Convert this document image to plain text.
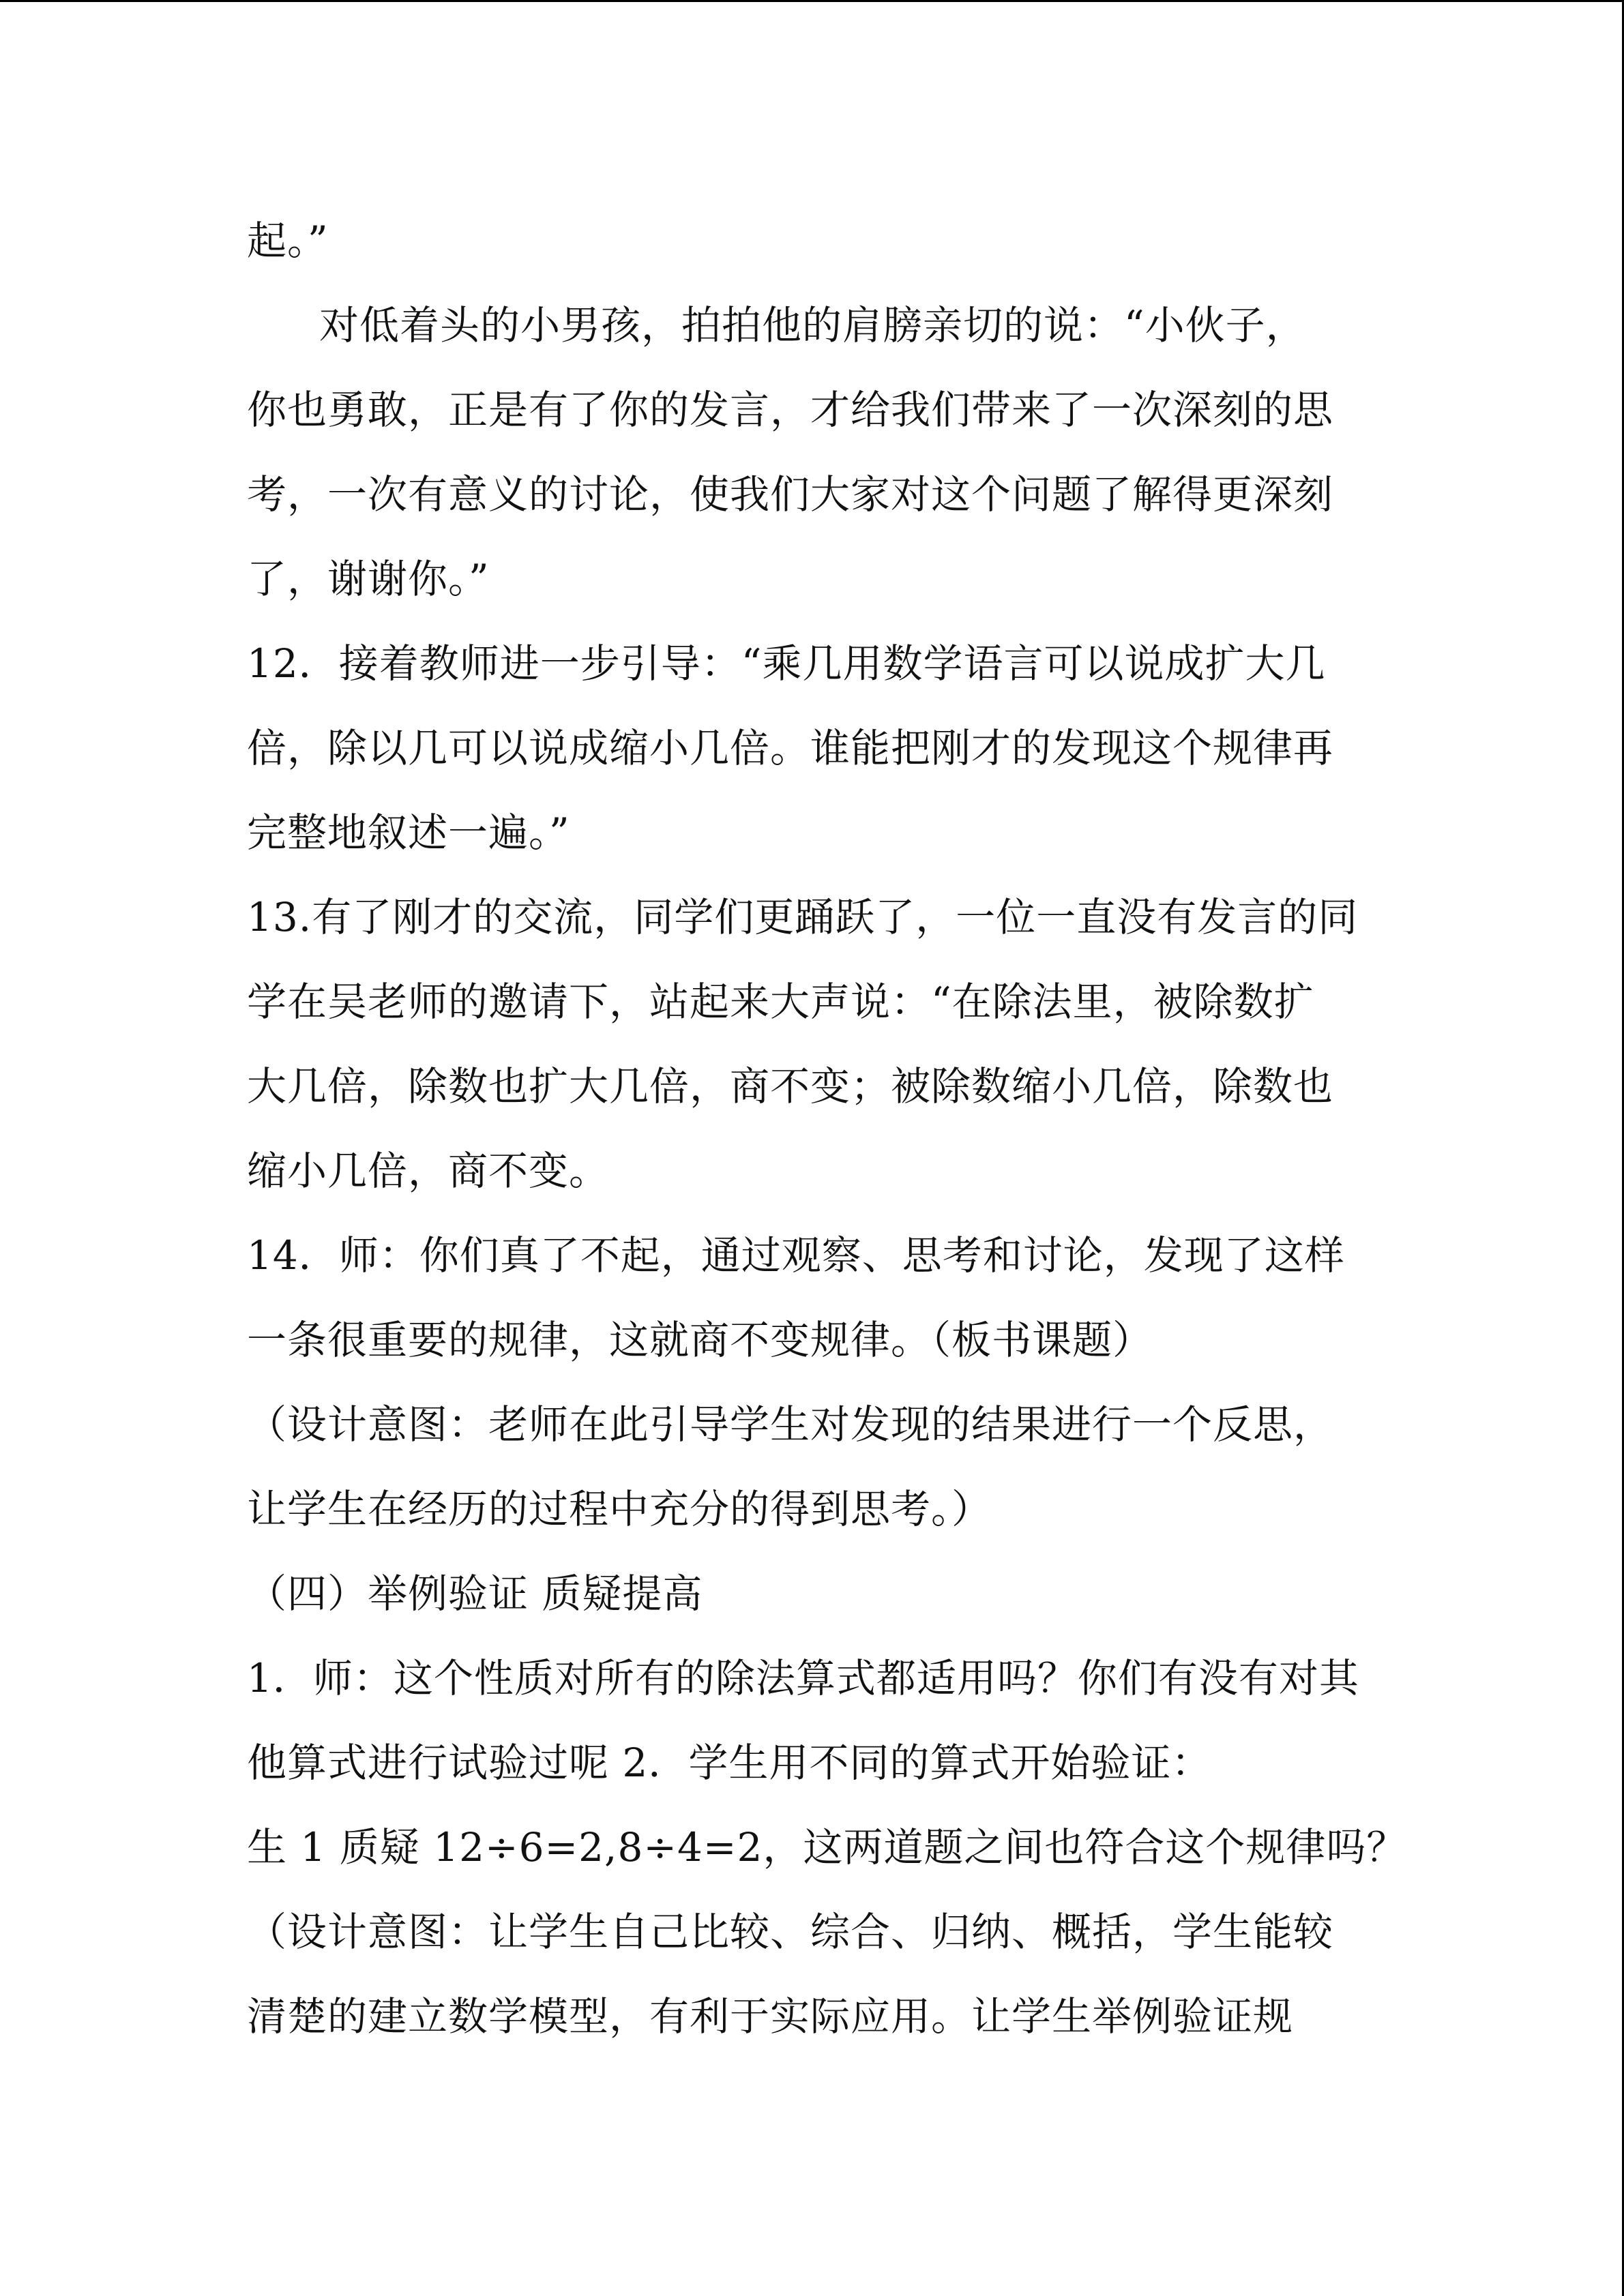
起。”
对低着头的小男孩，拍拍他的肩膀亲切的说：“小伙子，
你也勇敢，正是有了你的发言，才给我们带来了一次深刻的思
考，一次有意义的讨论，使我们大家对这个问题了解得更深刻
了，谢谢你。”
12．接着教师进一步引导：“乘几用数学语言可以说成扩大几
倍，除以几可以说成缩小几倍。谁能把刚才的发现这个规律再
完整地叙述一遍。”
13.有了刚才的交流，同学们更踊跃了，一位一直没有发言的同
学在吴老师的邀请下，站起来大声说：“在除法里，被除数扩
大几倍，除数也扩大几倍，商不变；被除数缩小几倍，除数也
缩小几倍，商不变。
14．师：你们真了不起，通过观察、思考和讨论，发现了这样
一条很重要的规律，这就商不变规律。（板书课题）
（设计意图：老师在此引导学生对发现的结果进行一个反思，
让学生在经历的过程中充分的得到思考。）
（四）举例验证 质疑提高
1．师：这个性质对所有的除法算式都适用吗？你们有没有对其
他算式进行试验过呢 2．学生用不同的算式开始验证：
生 1 质疑 12÷6=2,8÷4=2，这两道题之间也符合这个规律吗？
（设计意图：让学生自己比较、综合、归纳、概括，学生能较
清楚的建立数学模型，有利于实际应用。让学生举例验证规
